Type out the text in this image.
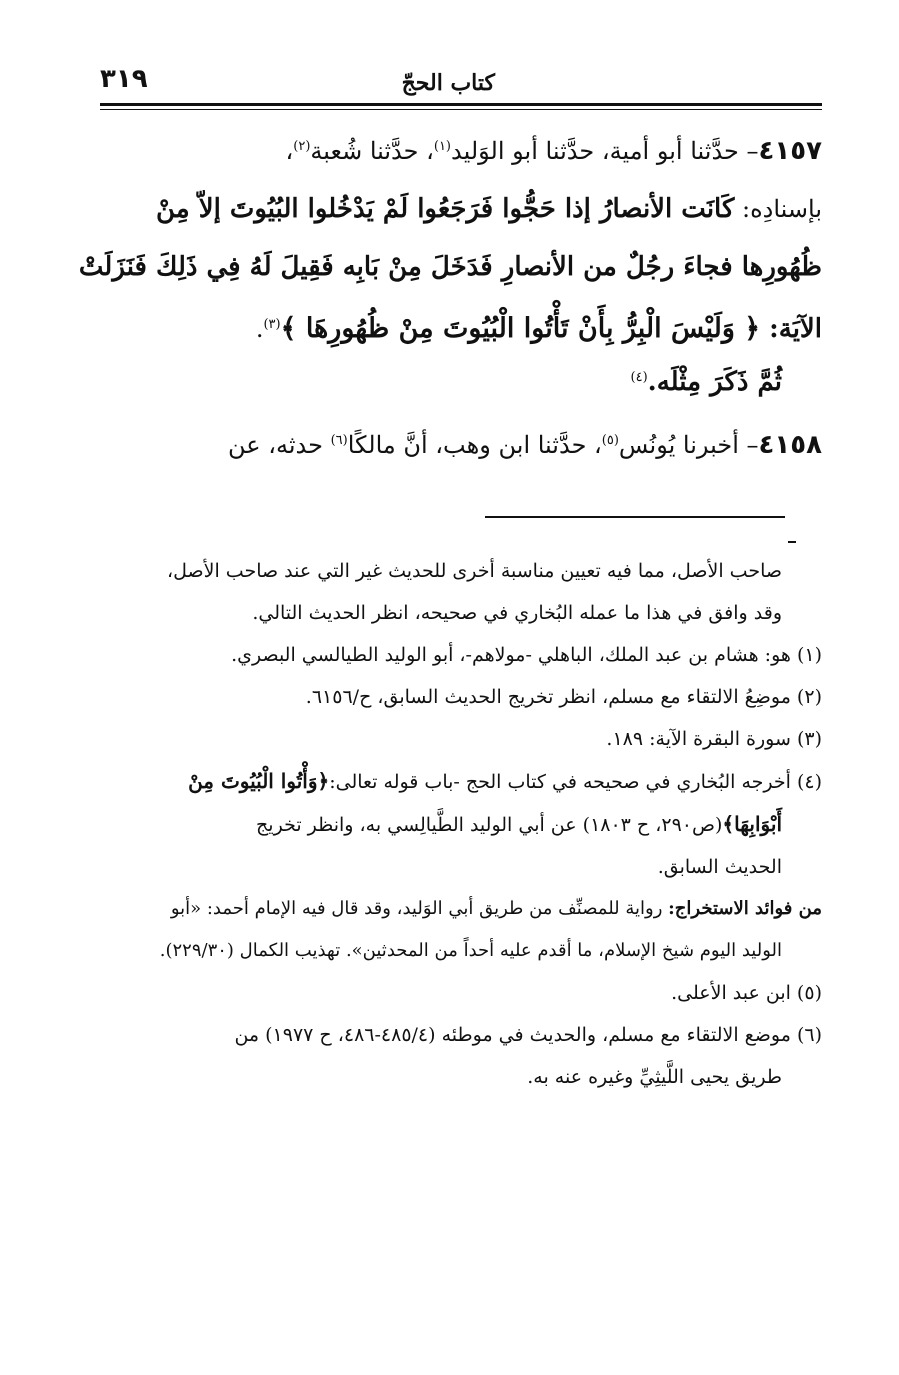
كتاب الحجّ
٣١٩
٤١٥٧– حدَّثنا أبو أمية، حدَّثنا أبو الوَليد$^{(١)}$، حدَّثنا شُعبة$^{(٢)}$،
بإسنادِه: كَانَت الأنصارُ إذا حَجُّوا فَرَجَعُوا لَمْ يَدْخُلوا البُيُوتَ إلاّ مِنْ
ظُهُورِها فجاءَ رجُلٌ من الأنصارِ فَدَخَلَ مِنْ بَابِه فَقِيلَ لَهُ فِي ذَلِكَ فَنَزَلَتْ
الآيَة: ﴿ وَلَيْسَ الْبِرُّ بِأَنْ تَأْتُوا الْبُيُوتَ مِنْ ظُهُورِهَا ﴾$^{(٣)}$.
ثُمَّ ذَكَرَ مِثْلَه.$^{(٤)}$
٤١٥٨– أخبرنا يُونُس$^{(٥)}$، حدَّثنا ابن وهب، أنَّ مالكًا$^{(٦)}$ حدثه، عن

صاحب الأصل، مما فيه تعيين مناسبة أخرى للحديث غير التي عند صاحب الأصل،

وقد وافق في هذا ما عمله البُخاري في صحيحه، انظر الحديث التالي.

(١) هو: هشام بن عبد الملك، الباهلي -مولاهم-، أبو الوليد الطيالسي البصري.

(٢) موضِعُ الالتقاء مع مسلم، انظر تخريج الحديث السابق، ح/٦١٥٦.

(٣) سورة البقرة الآية: ١٨٩.

(٤) أخرجه البُخاري في صحيحه في كتاب الحج -باب قوله تعالى:﴿وَأْتُوا الْبُيُوتَ مِنْ

أَبْوَابِهَا﴾(ص٢٩٠، ح ١٨٠٣) عن أبي الوليد الطَّيالِسي به، وانظر تخريج

الحديث السابق.

من فوائد الاستخراج: رواية للمصنِّف من طريق أبي الوَليد، وقد قال فيه الإمام أحمد: «أبو

الوليد اليوم شيخ الإسلام، ما أقدم عليه أحداً من المحدثين». تهذيب الكمال (٢٢٩/٣٠).

(٥) ابن عبد الأعلى.

(٦) موضع الالتقاء مع مسلم، والحديث في موطئه (٤٨٥/٤-٤٨٦، ح ١٩٧٧) من

طريق يحيى اللَّيثِيِّ وغيره عنه به.
